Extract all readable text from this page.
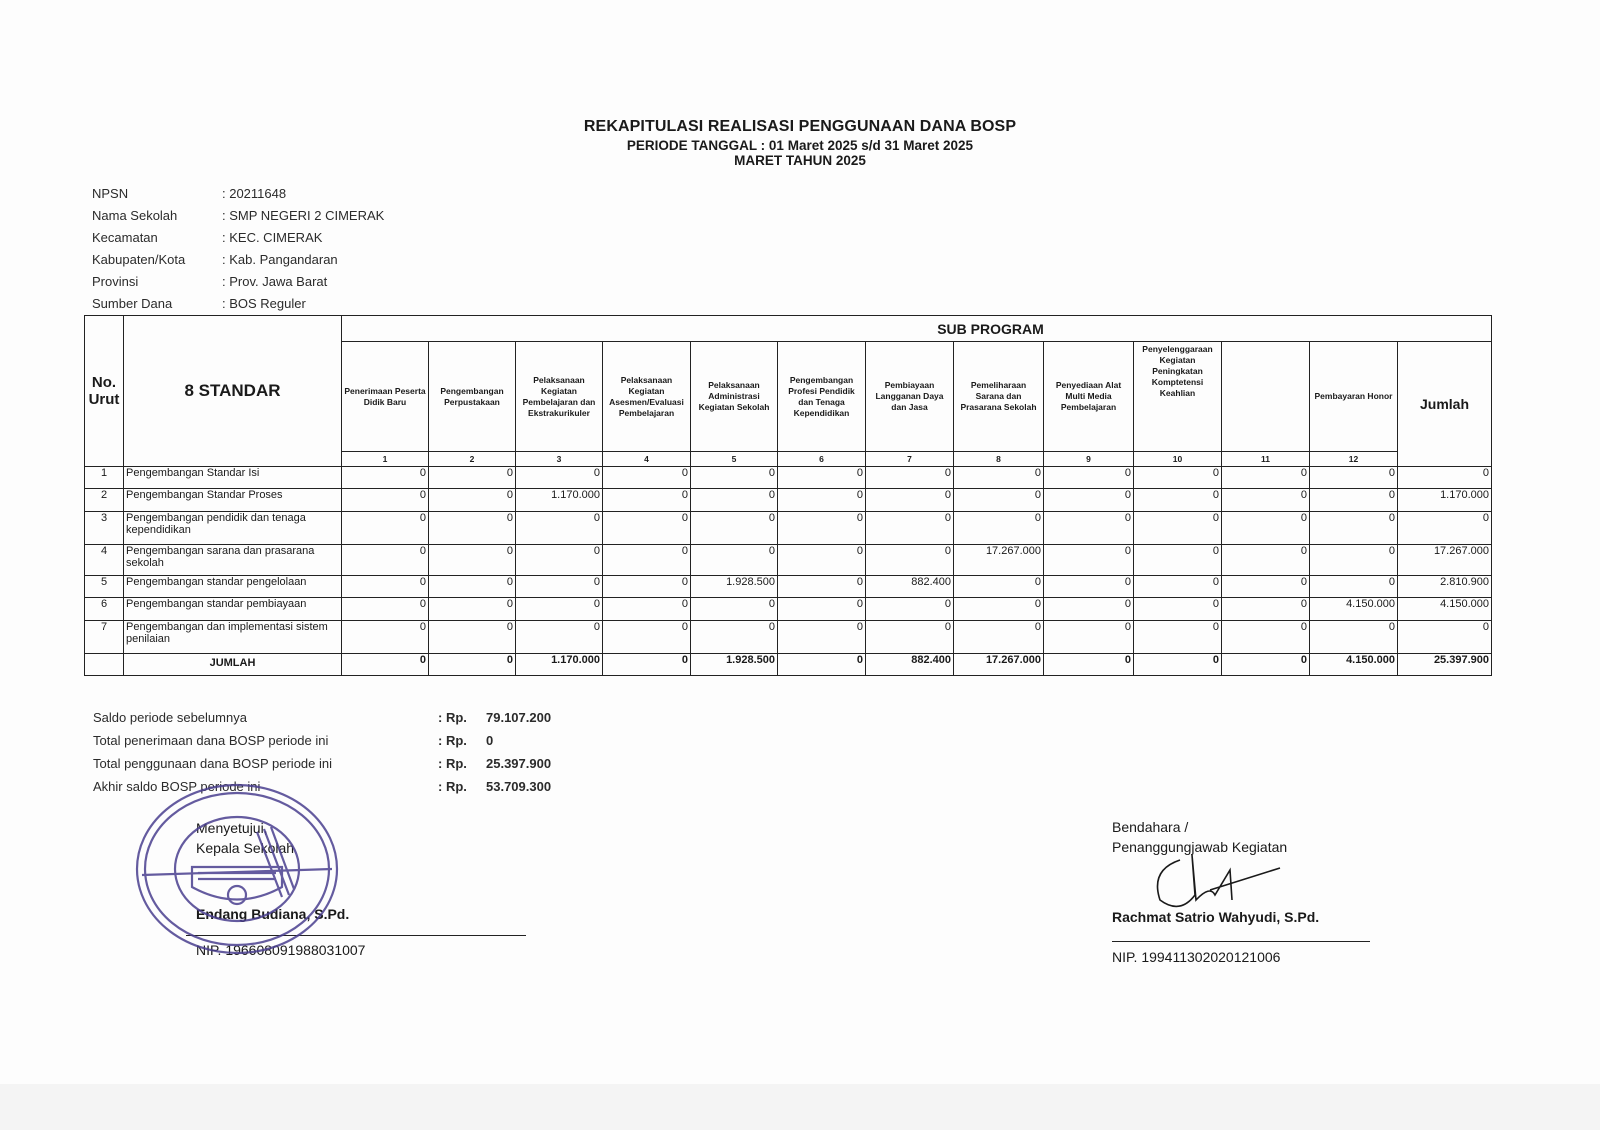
REKAPITULASI REALISASI PENGGUNAAN DANA BOSP
PERIODE TANGGAL : 01 Maret 2025 s/d 31 Maret 2025
MARET TAHUN 2025
NPSN	: 20211648
Nama Sekolah	: SMP NEGERI 2 CIMERAK
Kecamatan	: KEC. CIMERAK
Kabupaten/Kota	: Kab. Pangandaran
Provinsi	: Prov. Jawa Barat
Sumber Dana	: BOS Reguler
No.
Urut	8 STANDAR	SUB PROGRAM												
		Penerimaan Peserta Didik Baru	Pengembangan Perpustakaan	Pelaksanaan Kegiatan Pembelajaran dan Ekstrakurikuler	Pelaksanaan Kegiatan Asesmen/Evaluasi Pembelajaran	Pelaksanaan Administrasi Kegiatan Sekolah	Pengembangan Profesi Pendidik dan Tenaga Kependidikan	Pembiayaan Langganan Daya dan Jasa	Pemeliharaan Sarana dan Prasarana Sekolah	Penyediaan Alat Multi Media Pembelajaran	Penyelenggaraan Kegiatan Peningkatan Komptetensi Keahlian		Pembayaran Honor	Jumlah
		1	2	3	4	5	6	7	8	9	10	11	12	
1	Pengembangan Standar Isi	0	0	0	0	0	0	0	0	0	0	0	0	0
2	Pengembangan Standar Proses	0	0	1.170.000	0	0	0	0	0	0	0	0	0	1.170.000
3	Pengembangan pendidik dan tenaga kependidikan	0	0	0	0	0	0	0	0	0	0	0	0	0
4	Pengembangan sarana dan prasarana sekolah	0	0	0	0	0	0	0	17.267.000	0	0	0	0	17.267.000
5	Pengembangan standar pengelolaan	0	0	0	0	1.928.500	0	882.400	0	0	0	0	0	2.810.900
6	Pengembangan standar pembiayaan	0	0	0	0	0	0	0	0	0	0	0	4.150.000	4.150.000
7	Pengembangan dan implementasi sistem penilaian	0	0	0	0	0	0	0	0	0	0	0	0	0
	JUMLAH	0	0	1.170.000	0	1.928.500	0	882.400	17.267.000	0	0	0	4.150.000	25.397.900
Saldo periode sebelumnya	: Rp.	79.107.200
Total penerimaan dana BOSP periode ini	: Rp.	0
Total penggunaan dana BOSP periode ini	: Rp.	25.397.900
Akhir saldo BOSP periode ini	: Rp.	53.709.300
Menyetujui,
Kepala Sekolah
Endang Budiana, S.Pd.
NIP. 196608091988031007
Bendahara /
Penanggungjawab Kegiatan
Rachmat Satrio Wahyudi, S.Pd.
NIP. 199411302020121006
